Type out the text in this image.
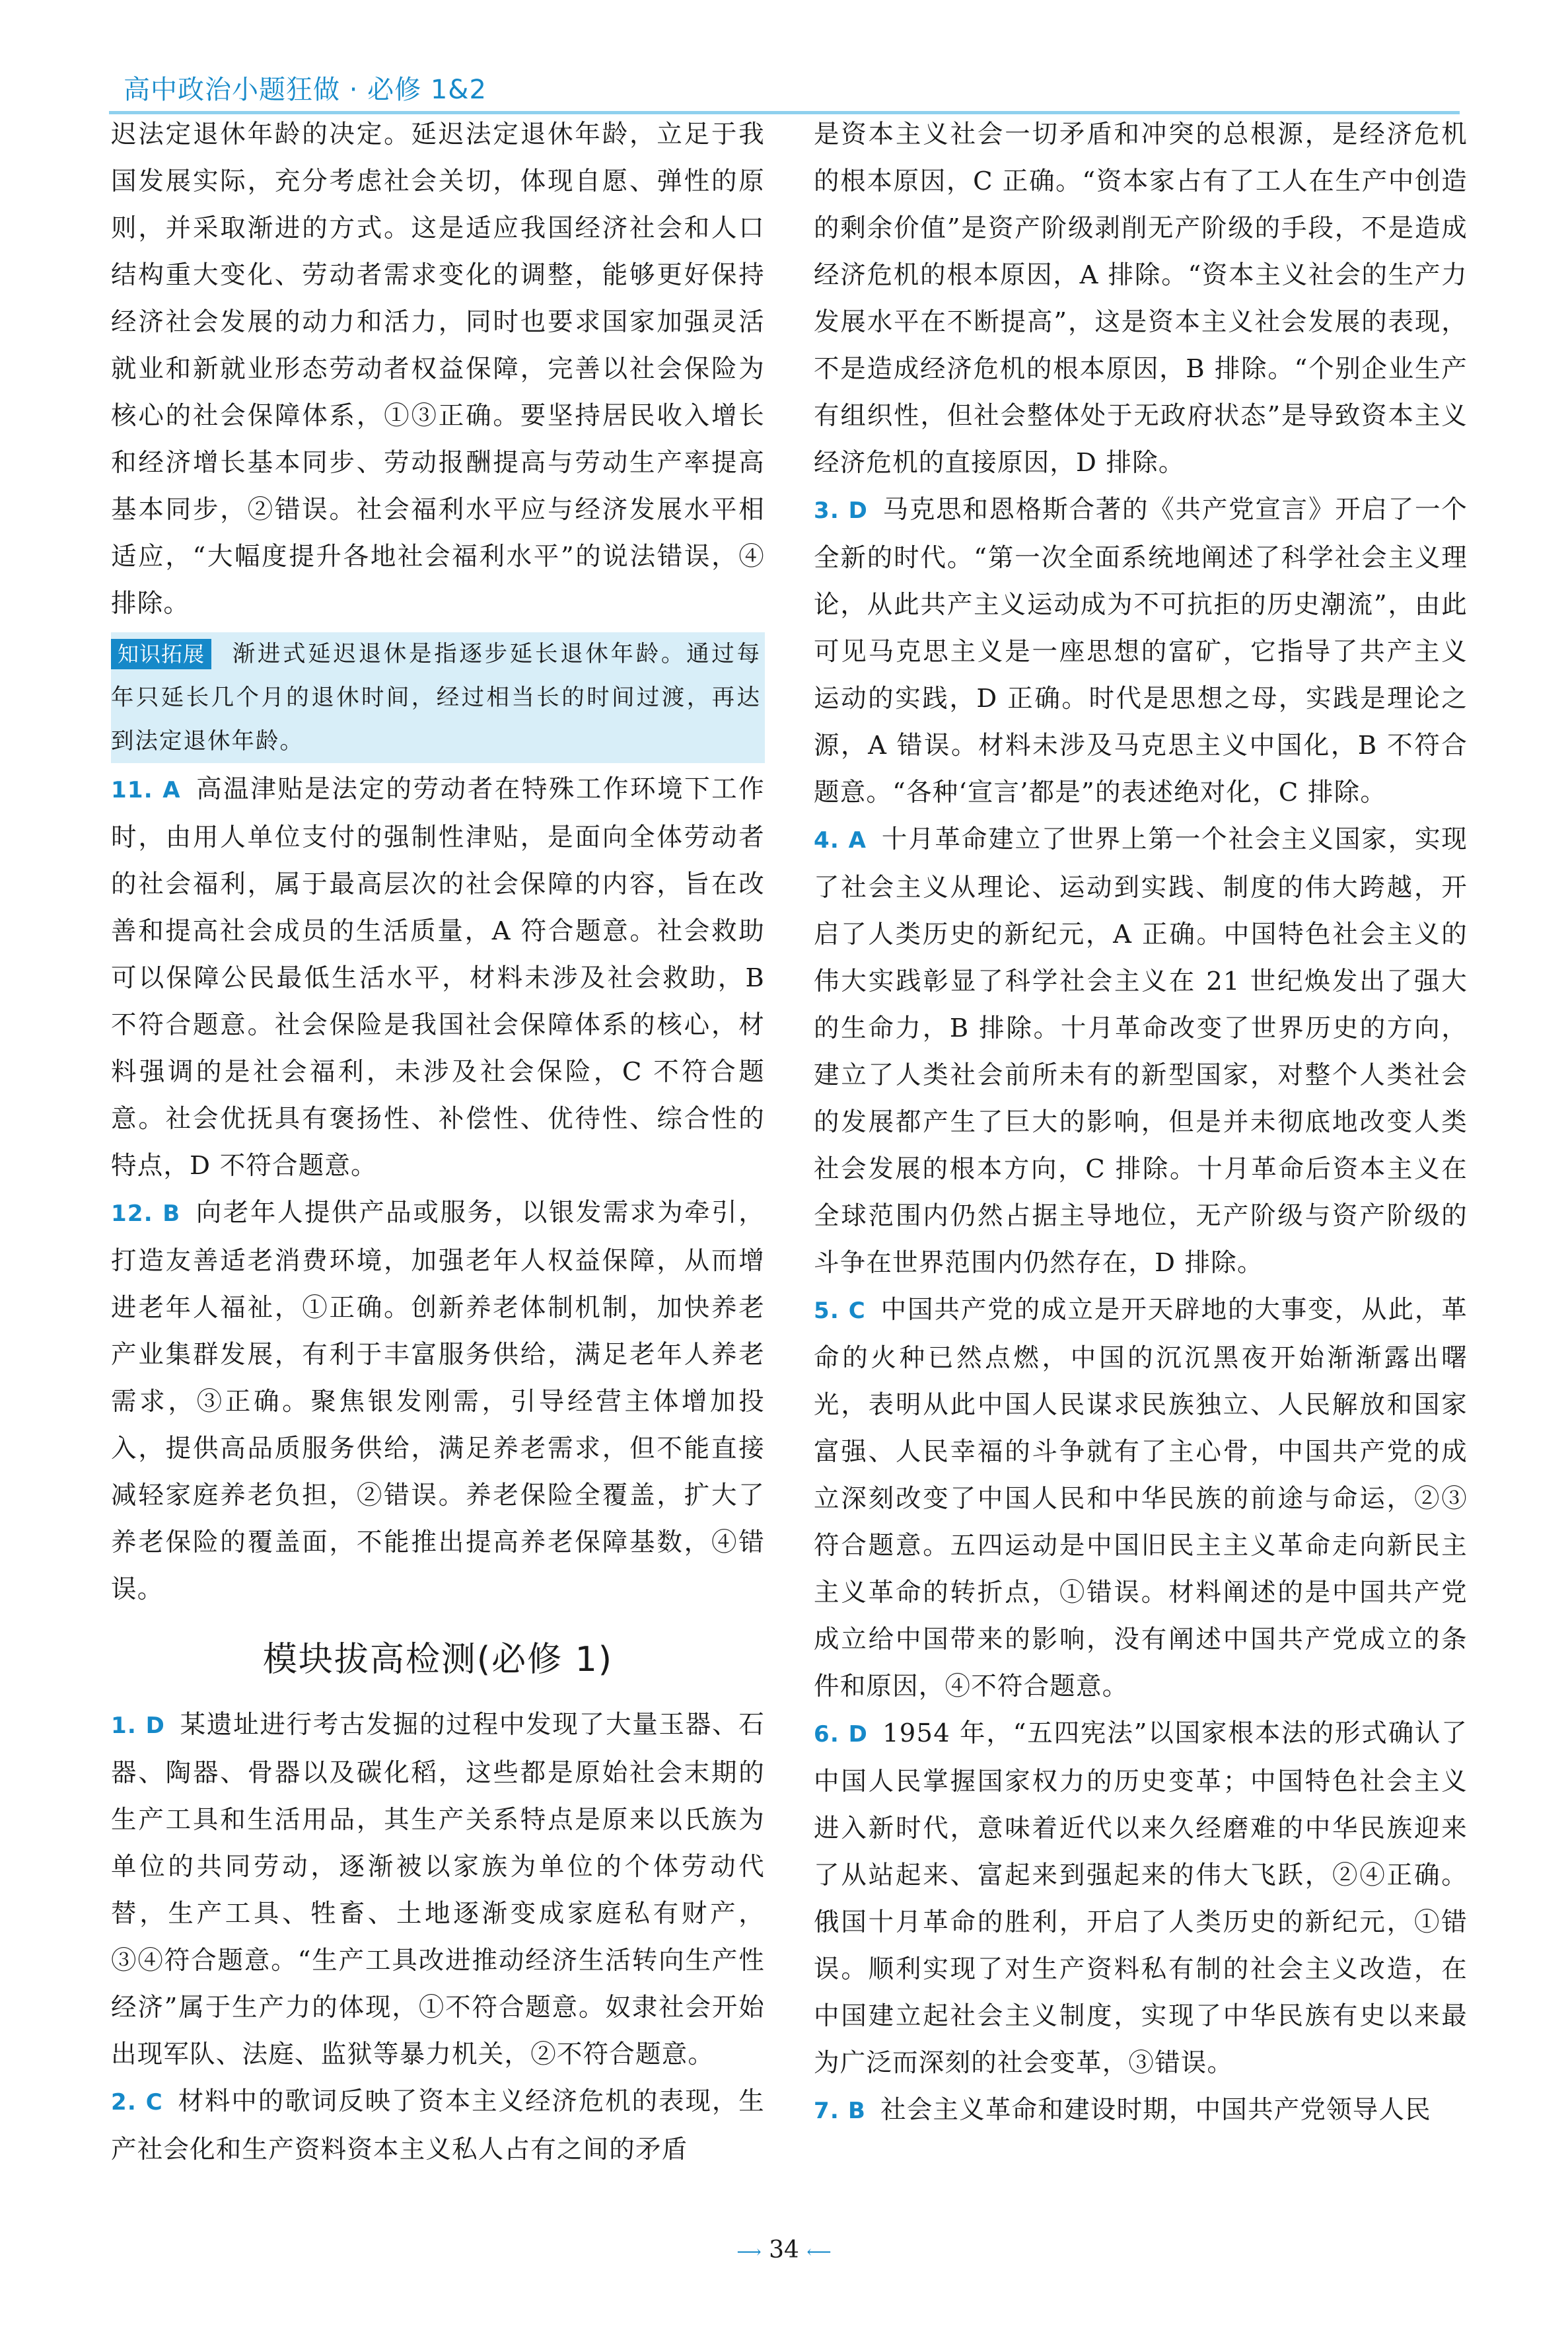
高中政治小题狂做 · 必修 1&2

迟法定退休年龄的决定。延迟法定退休年龄，立足于我国发展实际，充分考虑社会关切，体现自愿、弹性的原则，并采取渐进的方式。这是适应我国经济社会和人口结构重大变化、劳动者需求变化的调整，能够更好保持经济社会发展的动力和活力，同时也要求国家加强灵活就业和新就业形态劳动者权益保障，完善以社会保险为核心的社会保障体系，①③正确。要坚持居民收入增长和经济增长基本同步、劳动报酬提高与劳动生产率提高基本同步，②错误。社会福利水平应与经济发展水平相适应，“大幅度提升各地社会福利水平”的说法错误，④排除。

知识拓展 渐进式延迟退休是指逐步延长退休年龄。通过每年只延长几个月的退休时间，经过相当长的时间过渡，再达到法定退休年龄。

11. A 高温津贴是法定的劳动者在特殊工作环境下工作时，由用人单位支付的强制性津贴，是面向全体劳动者的社会福利，属于最高层次的社会保障的内容，旨在改善和提高社会成员的生活质量，A 符合题意。社会救助可以保障公民最低生活水平，材料未涉及社会救助，B 不符合题意。社会保险是我国社会保障体系的核心，材料强调的是社会福利，未涉及社会保险，C 不符合题意。社会优抚具有褒扬性、补偿性、优待性、综合性的特点，D 不符合题意。

12. B 向老年人提供产品或服务，以银发需求为牵引，打造友善适老消费环境，加强老年人权益保障，从而增进老年人福祉，①正确。创新养老体制机制，加快养老产业集群发展，有利于丰富服务供给，满足老年人养老需求，③正确。聚焦银发刚需，引导经营主体增加投入，提供高品质服务供给，满足养老需求，但不能直接减轻家庭养老负担，②错误。养老保险全覆盖，扩大了养老保险的覆盖面，不能推出提高养老保障基数，④错误。

模块拔高检测(必修 1)

1. D 某遗址进行考古发掘的过程中发现了大量玉器、石器、陶器、骨器以及碳化稻，这些都是原始社会末期的生产工具和生活用品，其生产关系特点是原来以氏族为单位的共同劳动，逐渐被以家族为单位的个体劳动代替，生产工具、牲畜、土地逐渐变成家庭私有财产，③④符合题意。“生产工具改进推动经济生活转向生产性经济”属于生产力的体现，①不符合题意。奴隶社会开始出现军队、法庭、监狱等暴力机关，②不符合题意。

2. C 材料中的歌词反映了资本主义经济危机的表现，生产社会化和生产资料资本主义私人占有之间的矛盾

是资本主义社会一切矛盾和冲突的总根源，是经济危机的根本原因，C 正确。“资本家占有了工人在生产中创造的剩余价值”是资产阶级剥削无产阶级的手段，不是造成经济危机的根本原因，A 排除。“资本主义社会的生产力发展水平在不断提高”，这是资本主义社会发展的表现，不是造成经济危机的根本原因，B 排除。“个别企业生产有组织性，但社会整体处于无政府状态”是导致资本主义经济危机的直接原因，D 排除。

3. D 马克思和恩格斯合著的《共产党宣言》开启了一个全新的时代。“第一次全面系统地阐述了科学社会主义理论，从此共产主义运动成为不可抗拒的历史潮流”，由此可见马克思主义是一座思想的富矿，它指导了共产主义运动的实践，D 正确。时代是思想之母，实践是理论之源，A 错误。材料未涉及马克思主义中国化，B 不符合题意。“各种‘宣言’都是”的表述绝对化，C 排除。

4. A 十月革命建立了世界上第一个社会主义国家，实现了社会主义从理论、运动到实践、制度的伟大跨越，开启了人类历史的新纪元，A 正确。中国特色社会主义的伟大实践彰显了科学社会主义在 21 世纪焕发出了强大的生命力，B 排除。十月革命改变了世界历史的方向，建立了人类社会前所未有的新型国家，对整个人类社会的发展都产生了巨大的影响，但是并未彻底地改变人类社会发展的根本方向，C 排除。十月革命后资本主义在全球范围内仍然占据主导地位，无产阶级与资产阶级的斗争在世界范围内仍然存在，D 排除。

5. C 中国共产党的成立是开天辟地的大事变，从此，革命的火种已然点燃，中国的沉沉黑夜开始渐渐露出曙光，表明从此中国人民谋求民族独立、人民解放和国家富强、人民幸福的斗争就有了主心骨，中国共产党的成立深刻改变了中国人民和中华民族的前途与命运，②③符合题意。五四运动是中国旧民主主义革命走向新民主主义革命的转折点，①错误。材料阐述的是中国共产党成立给中国带来的影响，没有阐述中国共产党成立的条件和原因，④不符合题意。

6. D 1954 年，“五四宪法”以国家根本法的形式确认了中国人民掌握国家权力的历史变革；中国特色社会主义进入新时代，意味着近代以来久经磨难的中华民族迎来了从站起来、富起来到强起来的伟大飞跃，②④正确。俄国十月革命的胜利，开启了人类历史的新纪元，①错误。顺利实现了对生产资料私有制的社会主义改造，在中国建立起社会主义制度，实现了中华民族有史以来最为广泛而深刻的社会变革，③错误。

7. B 社会主义革命和建设时期，中国共产党领导人民

⟶ 34 ⟵
